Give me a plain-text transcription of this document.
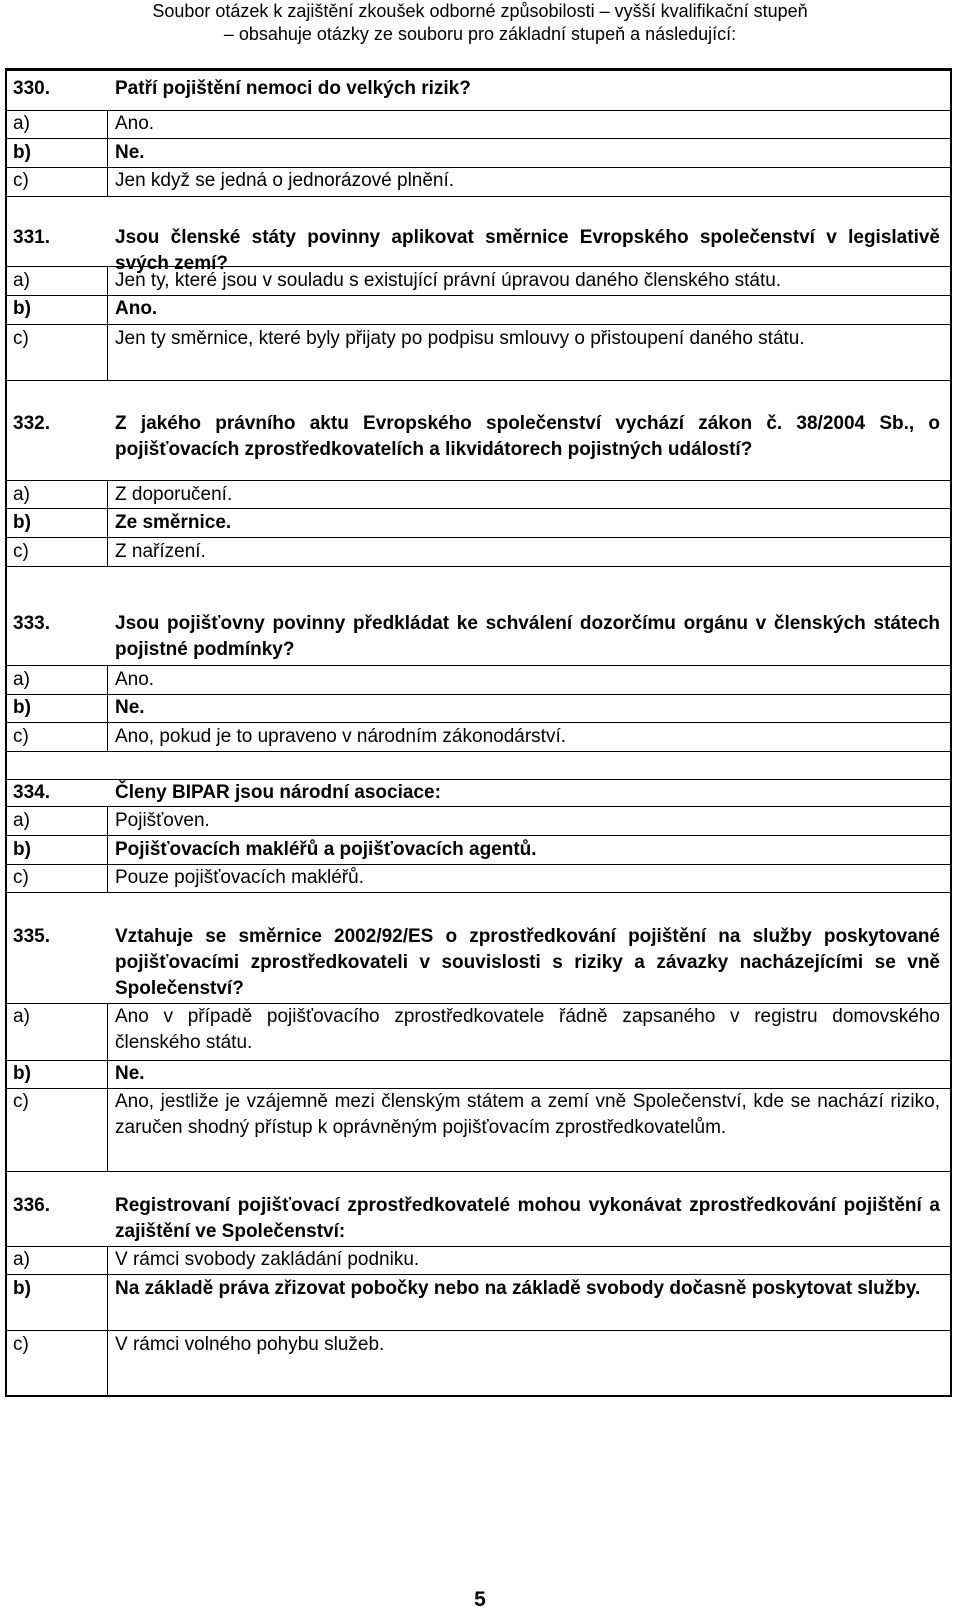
Soubor otázek k zajištění zkoušek odborné způsobilosti – vyšší kvalifikační stupeň
– obsahuje otázky ze souboru pro základní stupeň a následující:
330.	Patří pojištění nemoci do velkých rizik?
a)	Ano.
b)	Ne.
c)	Jen když se jedná o jednorázové plnění.
331.	Jsou členské státy povinny aplikovat směrnice Evropského společenství v legislativě svých zemí?
a)	Jen ty, které jsou v souladu s existující právní úpravou daného členského státu.
b)	Ano.
c)	Jen ty směrnice, které byly přijaty po podpisu smlouvy o přistoupení daného státu.
332.	Z jakého právního aktu Evropského společenství vychází zákon č. 38/2004 Sb., o pojišťovacích zprostředkovatelích a likvidátorech pojistných událostí?
a)	Z doporučení.
b)	Ze směrnice.
c)	Z nařízení.
333.	Jsou pojišťovny povinny předkládat ke schválení dozorčímu orgánu v členských státech pojistné podmínky?
a)	Ano.
b)	Ne.
c)	Ano, pokud je to upraveno v národním zákonodárství.
334.	Členy BIPAR jsou národní asociace:
a)	Pojišťoven.
b)	Pojišťovacích makléřů a pojišťovacích agentů.
c)	Pouze pojišťovacích makléřů.
335.	Vztahuje se směrnice 2002/92/ES o zprostředkování pojištění na služby poskytované pojišťovacími zprostředkovateli v souvislosti s riziky a závazky nacházejícími se vně Společenství?
a)	Ano v případě pojišťovacího zprostředkovatele řádně zapsaného v registru domovského členského státu.
b)	Ne.
c)	Ano, jestliže je vzájemně mezi členským státem a zemí vně Společenství, kde se nachází riziko, zaručen shodný přístup k oprávněným pojišťovacím zprostředkovatelům.
336.	Registrovaní pojišťovací zprostředkovatelé mohou vykonávat zprostředkování pojištění a zajištění ve Společenství:
a)	V rámci svobody zakládání podniku.
b)	Na základě práva zřizovat pobočky nebo na základě svobody dočasně poskytovat služby.
c)	V rámci volného pohybu služeb.
5
